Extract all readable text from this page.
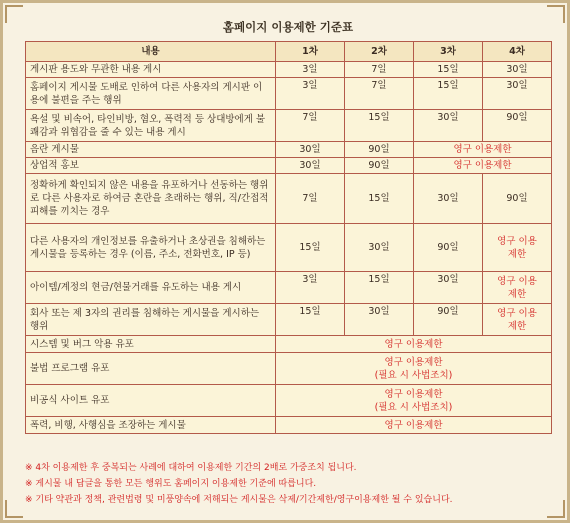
홈페이지 이용제한 기준표
내용	1차	2차	3차	4차
게시판 용도와 무관한 내용 게시	3일	7일	15일	30일
홈페이지 게시물 도배로 인하여 다른 사용자의 게시판 이용에 불편을 주는 행위	3일	7일	15일	30일
욕설 및 비속어, 타인비방, 혐오, 폭력적 등 상대방에게 불쾌감과 위협감을 줄 수 있는 내용 게시	7일	15일	30일	90일
음란 게시물	30일	90일	영구 이용제한	
상업적 홍보	30일	90일	영구 이용제한	
정확하게 확인되지 않은 내용을 유포하거나 선동하는 행위로 다른 사용자로 하여금 혼란을 초래하는 행위, 직/간접적 피해를 끼치는 경우	7일	15일	30일	90일
다른 사용자의 개인정보를 유출하거나 초상권을 침해하는 게시물을 등록하는 경우 (이름, 주소, 전화번호, IP 등)	15일	30일	90일	영구 이용제한
아이템/계정의 현금/현물거래를 유도하는 내용 게시	3일	15일	30일	영구 이용제한
회사 또는 제 3자의 권리를 침해하는 게시물을 게시하는 행위	15일	30일	90일	영구 이용제한
시스템 및 버그 악용 유포	영구 이용제한			
불법 프로그램 유포	영구 이용제한
(필요 시 사법조치)			

비공식 사이트 유포	영구 이용제한
(필요 시 사법조치)			

폭력, 비행, 사행심을 조장하는 게시물	영구 이용제한			
※ 4차 이용제한 후 중복되는 사례에 대하여 이용제한 기간의 2배로 가중조치 됩니다.
※ 게시물 내 답글을 통한 모든 행위도 홈페이지 이용제한 기준에 따릅니다.
※ 기타 약관과 정책, 관련법령 및 미풍양속에 저해되는 게시물은 삭제/기간제한/영구이용제한 될 수 있습니다.
